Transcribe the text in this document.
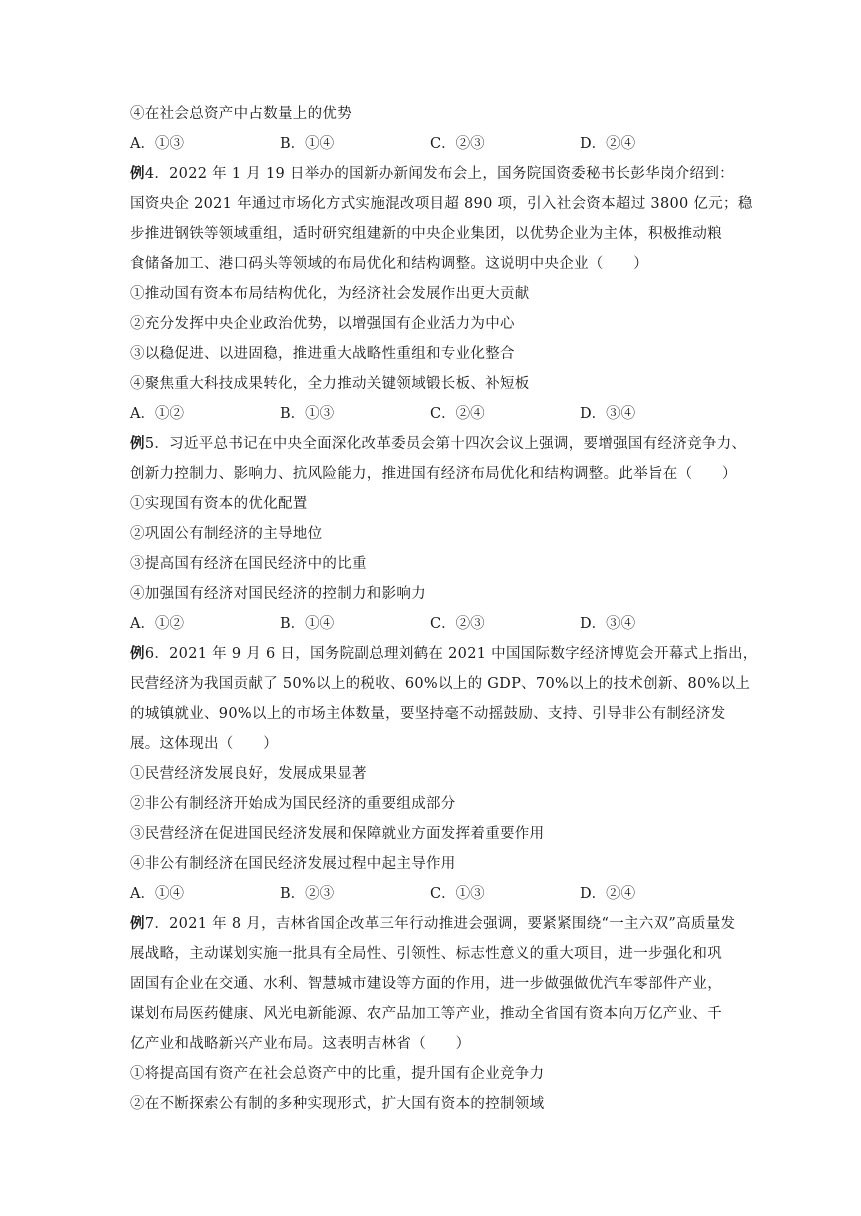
④在社会总资产中占数量上的优势
A．①③	B．①④	C．②③	D．②④
例4．2022 年 1 月 19 日举办的国新办新闻发布会上，国务院国资委秘书长彭华岗介绍到：
国资央企 2021 年通过市场化方式实施混改项目超 890 项，引入社会资本超过 3800 亿元；稳
步推进钢铁等领域重组，适时研究组建新的中央企业集团，以优势企业为主体，积极推动粮
食储备加工、港口码头等领域的布局优化和结构调整。这说明中央企业（　　）
①推动国有资本布局结构优化，为经济社会发展作出更大贡献
②充分发挥中央企业政治优势，以增强国有企业活力为中心
③以稳促进、以进固稳，推进重大战略性重组和专业化整合
④聚焦重大科技成果转化，全力推动关键领域锻长板、补短板
A．①②	B．①③	C．②④	D．③④
例5．习近平总书记在中央全面深化改革委员会第十四次会议上强调，要增强国有经济竞争力、
创新力控制力、影响力、抗风险能力，推进国有经济布局优化和结构调整。此举旨在（　　）
①实现国有资本的优化配置
②巩固公有制经济的主导地位
③提高国有经济在国民经济中的比重
④加强国有经济对国民经济的控制力和影响力
A．①②	B．①④	C．②③	D．③④
例6．2021 年 9 月 6 日，国务院副总理刘鹤在 2021 中国国际数字经济博览会开幕式上指出，
民营经济为我国贡献了 50%以上的税收、60%以上的 GDP、70%以上的技术创新、80%以上
的城镇就业、90%以上的市场主体数量，要坚持毫不动摇鼓励、支持、引导非公有制经济发
展。这体现出（　　）
①民营经济发展良好，发展成果显著
②非公有制经济开始成为国民经济的重要组成部分
③民营经济在促进国民经济发展和保障就业方面发挥着重要作用
④非公有制经济在国民经济发展过程中起主导作用
A．①④	B．②③	C．①③	D．②④
例7．2021 年 8 月，吉林省国企改革三年行动推进会强调，要紧紧围绕“一主六双”高质量发
展战略，主动谋划实施一批具有全局性、引领性、标志性意义的重大项目，进一步强化和巩
固国有企业在交通、水利、智慧城市建设等方面的作用，进一步做强做优汽车零部件产业，
谋划布局医药健康、风光电新能源、农产品加工等产业，推动全省国有资本向万亿产业、千
亿产业和战略新兴产业布局。这表明吉林省（　　）
①将提高国有资产在社会总资产中的比重，提升国有企业竞争力
②在不断探索公有制的多种实现形式，扩大国有资本的控制领域
